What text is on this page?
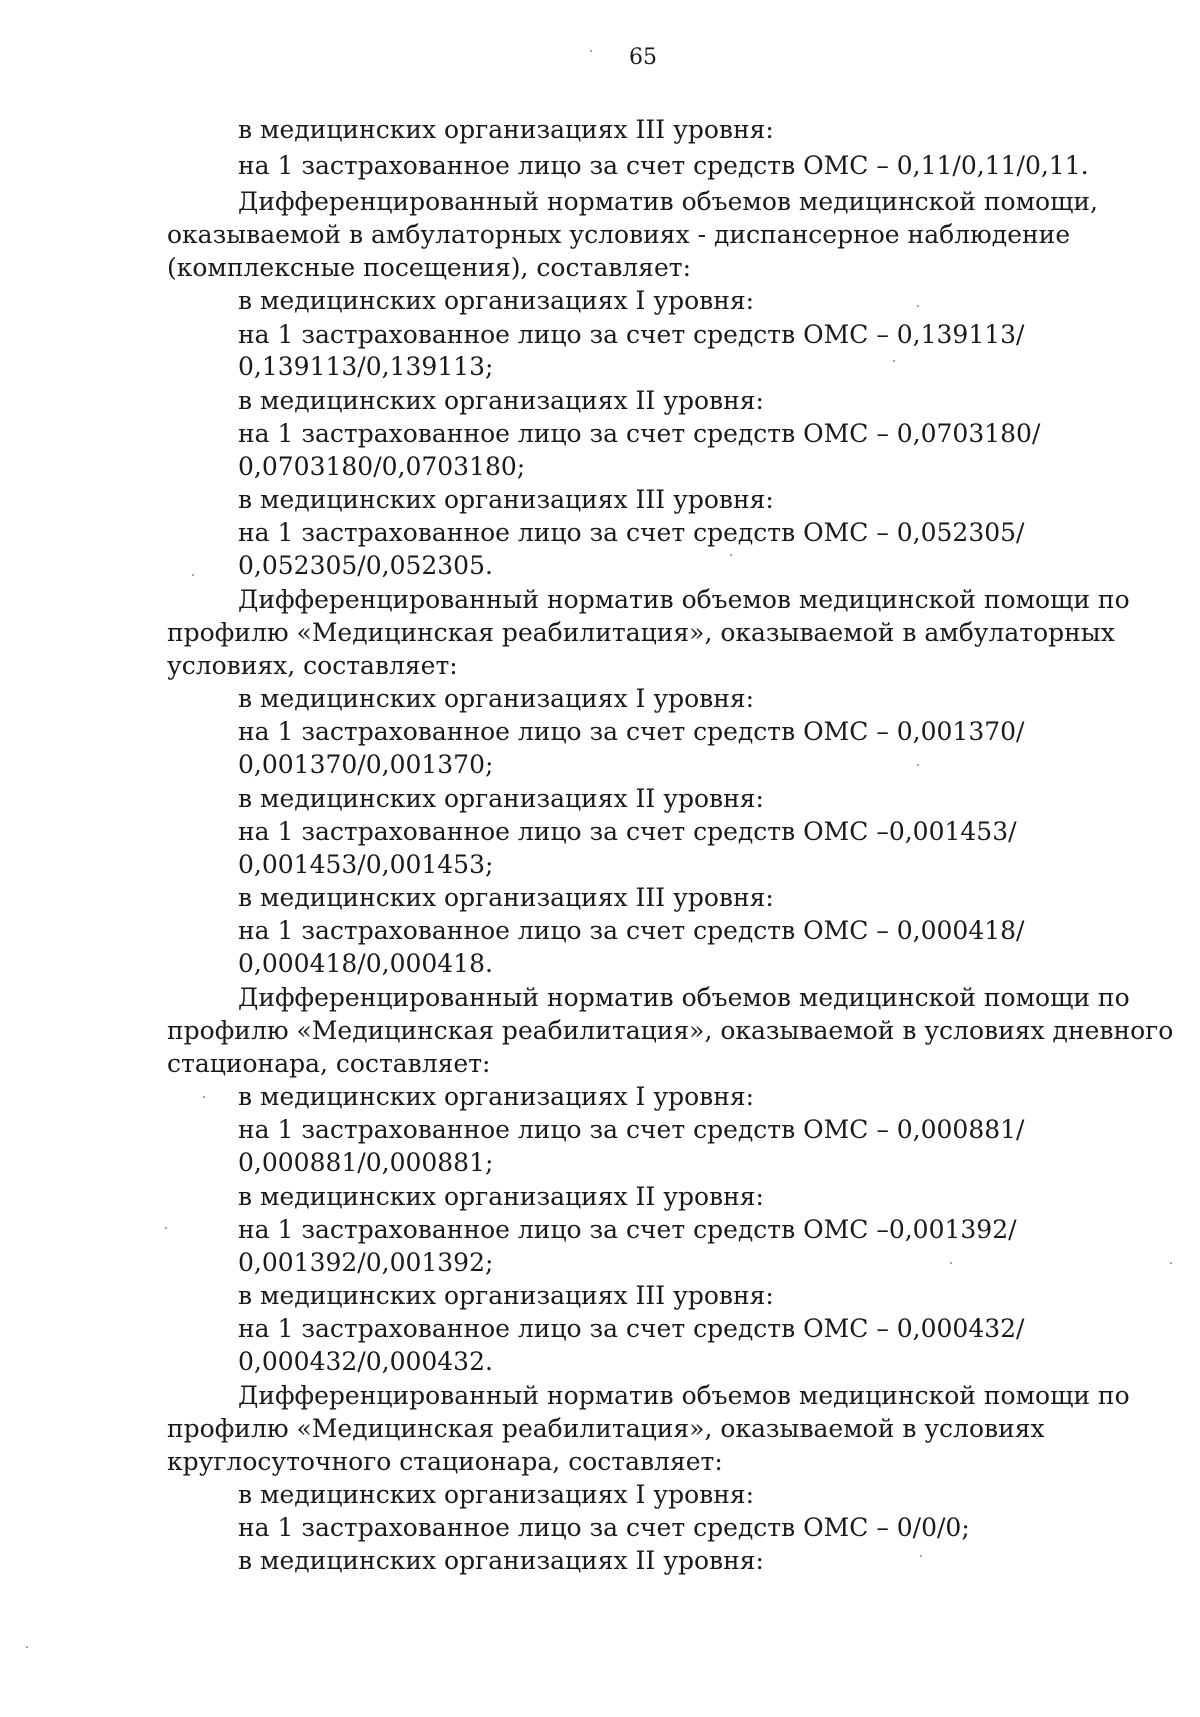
65
в медицинских организациях III уровня:
на 1 застрахованное лицо за счет средств ОМС – 0,11/0,11/0,11.
Дифференцированный норматив объемов медицинской помощи,
оказываемой в амбулаторных условиях - диспансерное наблюдение
(комплексные посещения), составляет:
в медицинских организациях I уровня:
на 1 застрахованное лицо за счет средств ОМС – 0,139113/
0,139113/0,139113;
в медицинских организациях II уровня:
на 1 застрахованное лицо за счет средств ОМС – 0,0703180/
0,0703180/0,0703180;
в медицинских организациях III уровня:
на 1 застрахованное лицо за счет средств ОМС – 0,052305/
0,052305/0,052305.
Дифференцированный норматив объемов медицинской помощи по
профилю «Медицинская реабилитация», оказываемой в амбулаторных
условиях, составляет:
в медицинских организациях I уровня:
на 1 застрахованное лицо за счет средств ОМС – 0,001370/
0,001370/0,001370;
в медицинских организациях II уровня:
на 1 застрахованное лицо за счет средств ОМС –0,001453/
0,001453/0,001453;
в медицинских организациях III уровня:
на 1 застрахованное лицо за счет средств ОМС – 0,000418/
0,000418/0,000418.
Дифференцированный норматив объемов медицинской помощи по
профилю «Медицинская реабилитация», оказываемой в условиях дневного
стационара, составляет:
в медицинских организациях I уровня:
на 1 застрахованное лицо за счет средств ОМС – 0,000881/
0,000881/0,000881;
в медицинских организациях II уровня:
на 1 застрахованное лицо за счет средств ОМС –0,001392/
0,001392/0,001392;
в медицинских организациях III уровня:
на 1 застрахованное лицо за счет средств ОМС – 0,000432/
0,000432/0,000432.
Дифференцированный норматив объемов медицинской помощи по
профилю «Медицинская реабилитация», оказываемой в условиях
круглосуточного стационара, составляет:
в медицинских организациях I уровня:
на 1 застрахованное лицо за счет средств ОМС – 0/0/0;
в медицинских организациях II уровня:
